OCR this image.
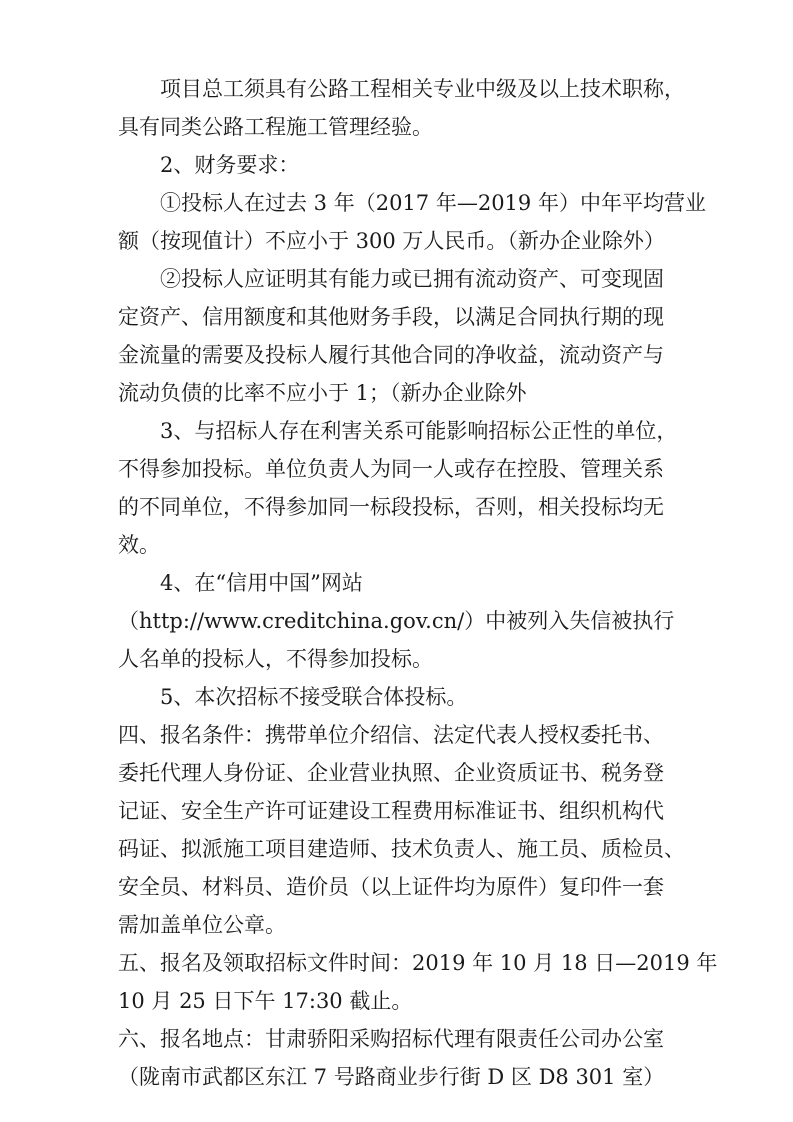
项目总工须具有公路工程相关专业中级及以上技术职称，
具有同类公路工程施工管理经验。
2、财务要求：
①投标人在过去 3 年（2017 年—2019 年）中年平均营业
额（按现值计）不应小于 300 万人民币。（新办企业除外）
②投标人应证明其有能力或已拥有流动资产、可变现固
定资产、信用额度和其他财务手段，以满足合同执行期的现
金流量的需要及投标人履行其他合同的净收益，流动资产与
流动负债的比率不应小于 1；（新办企业除外
3、与招标人存在利害关系可能影响招标公正性的单位，
不得参加投标。单位负责人为同一人或存在控股、管理关系
的不同单位，不得参加同一标段投标，否则，相关投标均无
效。
4、在“信用中国”网站
（http://www.creditchina.gov.cn/）中被列入失信被执行
人名单的投标人，不得参加投标。
5、本次招标不接受联合体投标。
四、报名条件：携带单位介绍信、法定代表人授权委托书、
委托代理人身份证、企业营业执照、企业资质证书、税务登
记证、安全生产许可证建设工程费用标准证书、组织机构代
码证、拟派施工项目建造师、技术负责人、施工员、质检员、
安全员、材料员、造价员（以上证件均为原件）复印件一套
需加盖单位公章。
五、报名及领取招标文件时间：2019 年 10 月 18 日—2019 年
10 月 25 日下午 17:30 截止。
六、报名地点：甘肃骄阳采购招标代理有限责任公司办公室
（陇南市武都区东江 7 号路商业步行街 D 区 D8 301 室）
